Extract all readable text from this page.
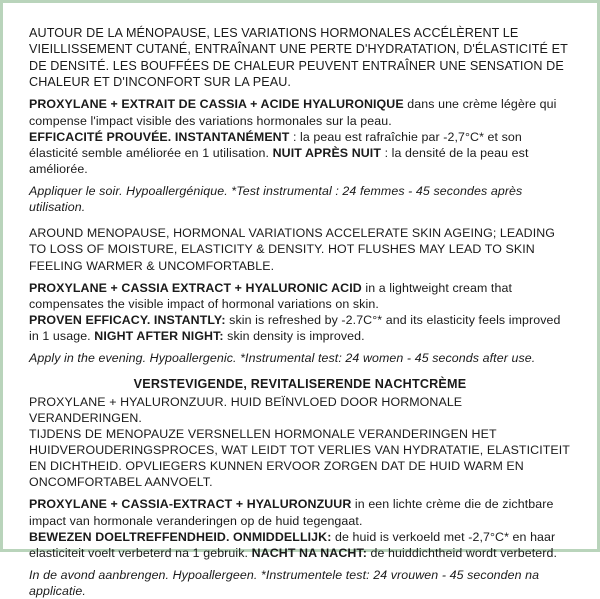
AUTOUR DE LA MÉNOPAUSE, LES VARIATIONS HORMONALES ACCÉLÈRENT LE VIEILLISSEMENT CUTANÉ, ENTRAÎNANT UNE PERTE D'HYDRATATION, D'ÉLASTICITÉ ET DE DENSITÉ. LES BOUFFÉES DE CHALEUR PEUVENT ENTRAÎNER UNE SENSATION DE CHALEUR ET D'INCONFORT SUR LA PEAU.

PROXYLANE + EXTRAIT DE CASSIA + ACIDE HYALURONIQUE dans une crème légère qui compense l'impact visible des variations hormonales sur la peau.

EFFICACITÉ PROUVÉE. INSTANTANÉMENT : la peau est rafraîchie par -2,7°C* et son élasticité semble améliorée en 1 utilisation. NUIT APRÈS NUIT : la densité de la peau est améliorée.

Appliquer le soir. Hypoallergénique. *Test instrumental : 24 femmes - 45 secondes après utilisation.

AROUND MENOPAUSE, HORMONAL VARIATIONS ACCELERATE SKIN AGEING; LEADING TO LOSS OF MOISTURE, ELASTICITY & DENSITY. HOT FLUSHES MAY LEAD TO SKIN FEELING WARMER & UNCOMFORTABLE.

PROXYLANE + CASSIA EXTRACT + HYALURONIC ACID in a lightweight cream that compensates the visible impact of hormonal variations on skin.

PROVEN EFFICACY. INSTANTLY: skin is refreshed by -2.7C°* and its elasticity feels improved in 1 usage. NIGHT AFTER NIGHT: skin density is improved.

Apply in the evening. Hypoallergenic. *Instrumental test: 24 women - 45 seconds after use.

VERSTEVIGENDE, REVITALISERENDE NACHTCRÈME

PROXYLANE + HYALURONZUUR. HUID BEÏNVLOED DOOR HORMONALE VERANDERINGEN.

TIJDENS DE MENOPAUZE VERSNELLEN HORMONALE VERANDERINGEN HET HUIDVEROUDERINGSPROCES, WAT LEIDT TOT VERLIES VAN HYDRATATIE, ELASTICITEIT EN DICHTHEID. OPVLIEGERS KUNNEN ERVOOR ZORGEN DAT DE HUID WARM EN ONCOMFORTABEL AANVOELT.

PROXYLANE + CASSIA-EXTRACT + HYALURONZUUR in een lichte crème die de zichtbare impact van hormonale veranderingen op de huid tegengaat.

BEWEZEN DOELTREFFENDHEID. ONMIDDELLIJK: de huid is verkoeld met -2,7°C* en haar elasticiteit voelt verbeterd na 1 gebruik. NACHT NA NACHT: de huiddichtheid wordt verbeterd.

In de avond aanbrengen. Hypoallergeen. *Instrumentele test: 24 vrouwen - 45 seconden na applicatie.
